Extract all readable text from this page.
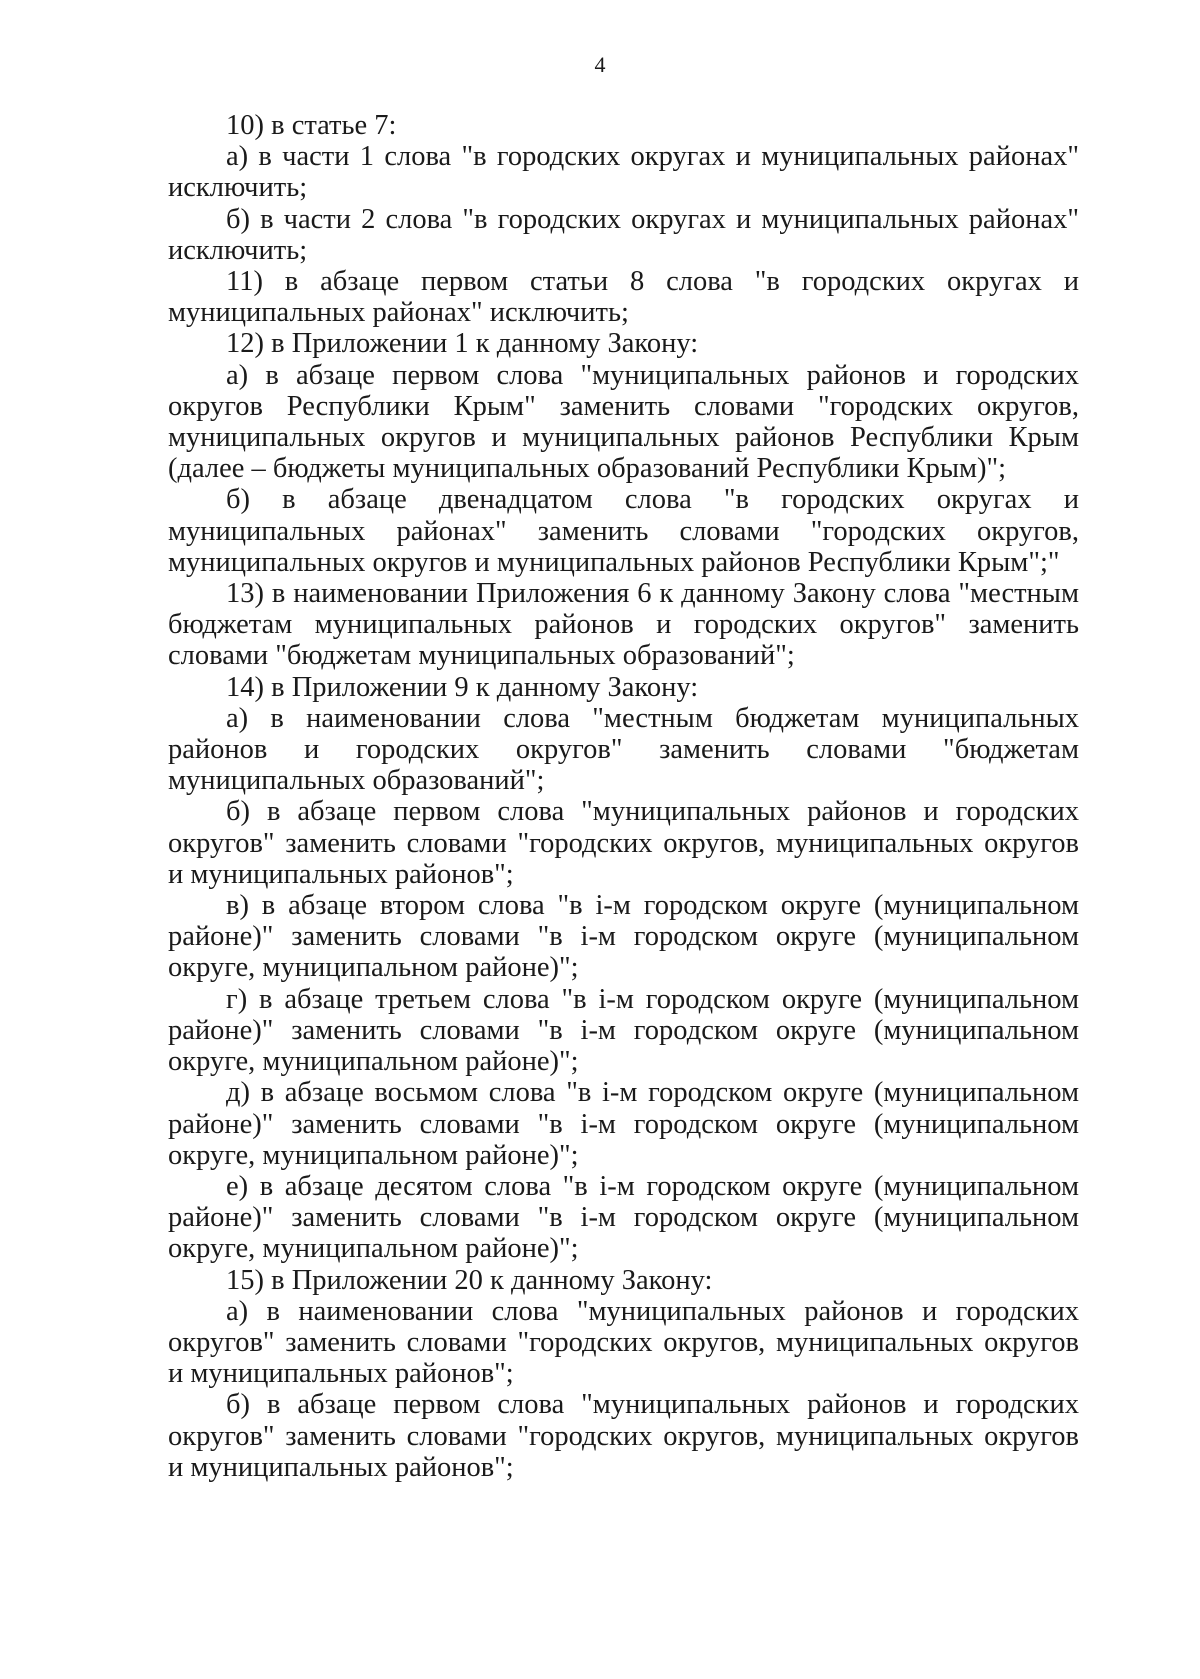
4

10) в статье 7:

а) в части 1 слова "в городских округах и муниципальных районах" исключить;

б) в части 2 слова "в городских округах и муниципальных районах" исключить;

11) в абзаце первом статьи 8 слова "в городских округах и муниципальных районах" исключить;

12) в Приложении 1 к данному Закону:

а) в абзаце первом слова "муниципальных районов и городских округов Республики Крым" заменить словами "городских округов, муниципальных округов и муниципальных районов Республики Крым (далее – бюджеты муниципальных образований Республики Крым)";

б) в абзаце двенадцатом слова "в городских округах и муниципальных районах" заменить словами "городских округов, муниципальных округов и муниципальных районов Республики Крым";"

13) в наименовании Приложения 6 к данному Закону слова "местным бюджетам муниципальных районов и городских округов" заменить словами "бюджетам муниципальных образований";

14) в Приложении 9 к данному Закону:

а) в наименовании слова "местным бюджетам муниципальных районов и городских округов" заменить словами "бюджетам муниципальных образований";

б) в абзаце первом слова "муниципальных районов и городских округов" заменить словами "городских округов, муниципальных округов и муниципальных районов";

в) в абзаце втором слова "в i-м городском округе (муниципальном районе)" заменить словами "в i-м городском округе (муниципальном округе, муниципальном районе)";

г) в абзаце третьем слова "в i-м городском округе (муниципальном районе)" заменить словами "в i-м городском округе (муниципальном округе, муниципальном районе)";

д) в абзаце восьмом слова "в i-м городском округе (муниципальном районе)" заменить словами "в i-м городском округе (муниципальном округе, муниципальном районе)";

е) в абзаце десятом слова "в i-м городском округе (муниципальном районе)" заменить словами "в i-м городском округе (муниципальном округе, муниципальном районе)";

15) в Приложении 20 к данному Закону:

а) в наименовании слова "муниципальных районов и городских округов" заменить словами "городских округов, муниципальных округов и муниципальных районов";

б) в абзаце первом слова "муниципальных районов и городских округов" заменить словами "городских округов, муниципальных округов и муниципальных районов";
